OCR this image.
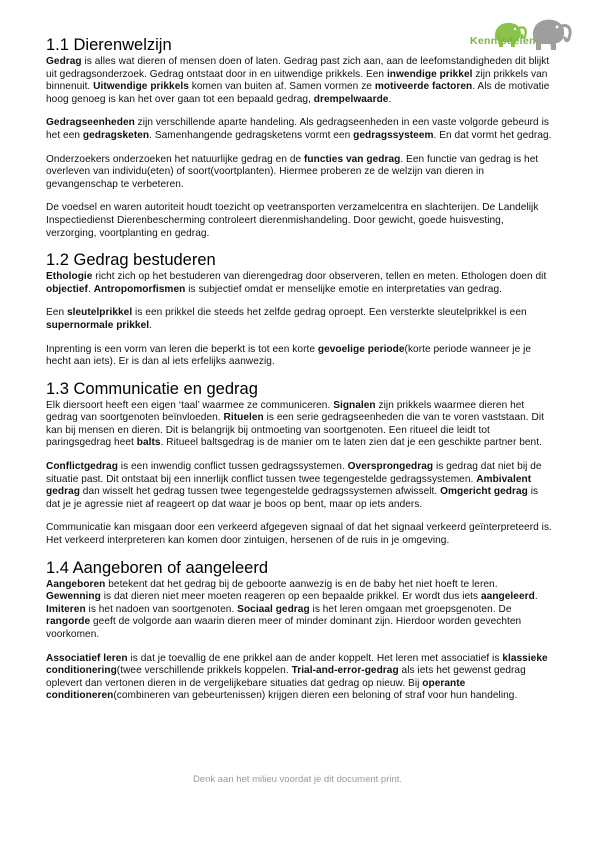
Kennisdelen.org
1.1 Dierenwelzijn

Gedrag is alles wat dieren of mensen doen of laten. Gedrag past zich aan, aan de leefomstandigheden dit blijkt uit gedragsonderzoek. Gedrag ontstaat door in en uitwendige prikkels. Een inwendige prikkel zijn prikkels van binnenuit. Uitwendige prikkels komen van buiten af. Samen vormen ze motiveerde factoren. Als de motivatie hoog genoeg is kan het over gaan tot een bepaald gedrag, drempelwaarde.

Gedragseenheden zijn verschillende aparte handeling. Als gedragseenheden in een vaste volgorde gebeurd is het een gedragsketen. Samenhangende gedragsketens vormt een gedragssysteem. En dat vormt het gedrag.

Onderzoekers onderzoeken het natuurlijke gedrag en de functies van gedrag. Een functie van gedrag is het overleven van individu(eten) of soort(voortplanten). Hiermee proberen ze de welzijn van dieren in gevangenschap te verbeteren.

De voedsel en waren autoriteit houdt toezicht op veetransporten verzamelcentra en slachterijen. De Landelijk Inspectiedienst Dierenbescherming controleert dierenmishandeling. Door gewicht, goede huisvesting, verzorging, voortplanting en gedrag.

1.2 Gedrag bestuderen

Ethologie richt zich op het bestuderen van dierengedrag door observeren, tellen en meten. Ethologen doen dit objectief. Antropomorfismen is subjectief omdat er menselijke emotie en interpretaties van gedrag.

Een sleutelprikkel is een prikkel die steeds het zelfde gedrag oproept. Een versterkte sleutelprikkel is een supernormale prikkel.

Inprenting is een vorm van leren die beperkt is tot een korte gevoelige periode(korte periode wanneer je je hecht aan iets). Er is dan al iets erfelijks aanwezig.

1.3 Communicatie en gedrag

Elk diersoort heeft een eigen ‘taal’ waarmee ze communiceren. Signalen zijn prikkels waarmee dieren het gedrag van soortgenoten beïnvloeden. Rituelen is een serie gedragseenheden die van te voren vaststaan. Dit kan bij mensen en dieren. Dit is belangrijk bij ontmoeting van soortgenoten. Een ritueel die leidt tot paringsgedrag heet balts. Ritueel baltsgedrag is de manier om te laten zien dat je een geschikte partner bent.

Conflictgedrag is een inwendig conflict tussen gedragssystemen. Oversprongedrag is gedrag dat niet bij de situatie past. Dit ontstaat bij een innerlijk conflict tussen twee tegengestelde gedragssystemen. Ambivalent gedrag dan wisselt het gedrag tussen twee tegengestelde gedragssystemen afwisselt. Omgericht gedrag is dat je je agressie niet af reageert op dat waar je boos op bent, maar op iets anders.

Communicatie kan misgaan door een verkeerd afgegeven signaal of dat het signaal verkeerd geïnterpreteerd is. Het verkeerd interpreteren kan komen door zintuigen, hersenen of de ruis in je omgeving.

1.4 Aangeboren of aangeleerd

Aangeboren betekent dat het gedrag bij de geboorte aanwezig is en de baby het niet hoeft te leren. Gewenning is dat dieren niet meer moeten reageren op een bepaalde prikkel. Er wordt dus iets aangeleerd. Imiteren is het nadoen van soortgenoten. Sociaal gedrag is het leren omgaan met groepsgenoten. De rangorde geeft de volgorde aan waarin dieren meer of minder dominant zijn. Hierdoor worden gevechten voorkomen.

Associatief leren is dat je toevallig de ene prikkel aan de ander koppelt. Het leren met associatief is klassieke conditionering(twee verschillende prikkels koppelen. Trial-and-error-gedrag als iets het gewenst gedrag oplevert dan vertonen dieren in de vergelijkebare situaties dat gedrag op nieuw. Bij operante conditioneren(combineren van gebeurtenissen) krijgen dieren een beloning of straf voor hun handeling.

Denk aan het milieu voordat je dit document print.
